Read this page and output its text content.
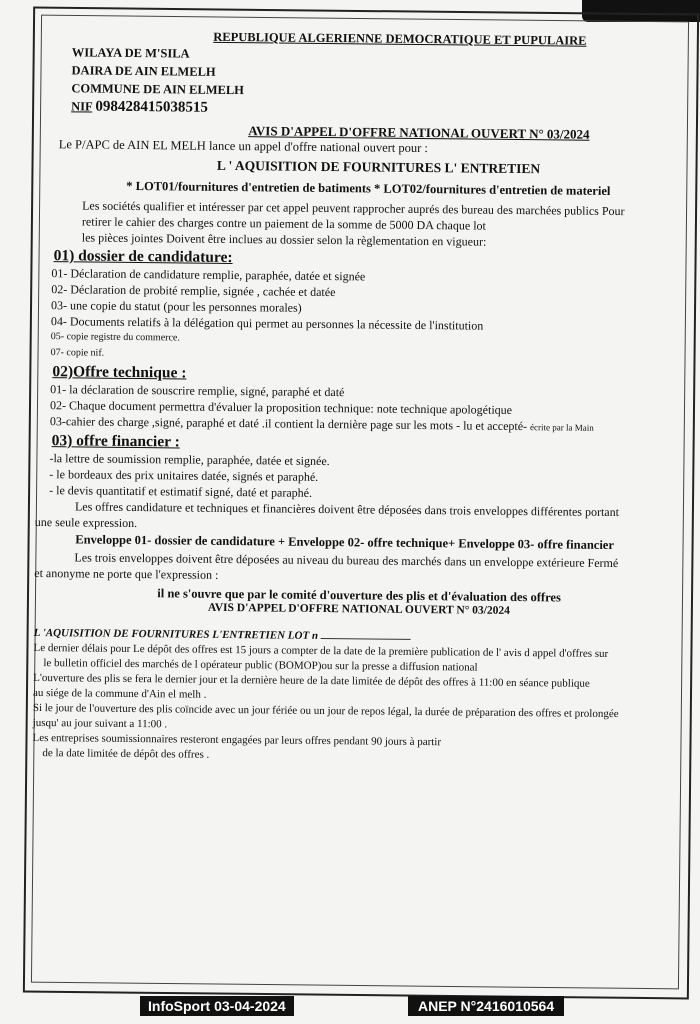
REPUBLIQUE ALGERIENNE DEMOCRATIQUE ET PUPULAIRE
WILAYA DE M'SILA
DAIRA DE AIN ELMELH
COMMUNE DE AIN ELMELH
NIF 098428415038515
AVIS D'APPEL D'OFFRE NATIONAL OUVERT N° 03/2024
Le P/APC de AIN EL MELH lance un appel d'offre national ouvert pour :
L ' AQUISITION DE FOURNITURES L' ENTRETIEN
* LOT01/fournitures d'entretien de batiments * LOT02/fournitures d'entretien de materiel
Les sociétés qualifier et intéresser par cet appel peuvent rapprocher auprés des bureau des marchées publics Pour
retirer le cahier des charges contre un paiement de la somme de 5000 DA chaque lot
les pièces jointes Doivent être inclues au dossier selon la règlementation en vigueur:
01) dossier de candidature:
01- Déclaration de candidature remplie, paraphée, datée et signée
02- Déclaration de probité remplie, signée , cachée et datée
03- une copie du statut (pour les personnes morales)
04- Documents relatifs à la délégation qui permet au personnes la nécessite de l'institution
05- copie registre du commerce.
07- copie nif.
02)Offre technique :
01- la déclaration de souscrire remplie, signé, paraphé et daté
02- Chaque document permettra d'évaluer la proposition technique: note technique apologétique
03-cahier des charge ,signé, paraphé et daté .il contient la dernière page sur les mots - lu et accepté- écrite par la Main
03) offre financier :
-la lettre de soumission remplie, paraphée, datée et signée.
- le bordeaux des prix unitaires datée, signés et paraphé.
- le devis quantitatif et estimatif signé, daté et paraphé.
Les offres candidature et techniques et financières doivent être déposées dans trois enveloppes différentes portant
une seule expression.
Enveloppe 01- dossier de candidature + Enveloppe 02- offre technique+ Enveloppe 03- offre financier
Les trois enveloppes doivent être déposées au niveau du bureau des marchés dans un enveloppe extérieure Fermé
et anonyme ne porte que l'expression :
il ne s'ouvre que par le comité d'ouverture des plis et d'évaluation des offres
AVIS D'APPEL D'OFFRE NATIONAL OUVERT N° 03/2024
L 'AQUISITION DE FOURNITURES L'ENTRETIEN LOT n
Le dernier délais pour Le dépôt des offres est 15 jours a compter de la date de la première publication de l' avis d appel d'offres sur
le bulletin officiel des marchés de l opérateur public (BOMOP)ou sur la presse a diffusion national
L'ouverture des plis se fera le dernier jour et la dernière heure de la date limitée de dépôt des offres à 11:00 en séance publique
au siége de la commune d'Ain el melh .
Si le jour de l'ouverture des plis coïncide avec un jour fériée ou un jour de repos légal, la durée de préparation des offres et prolongée
jusqu' au jour suivant a 11:00 .
Les entreprises soumissionnaires resteront engagées par leurs offres pendant 90 jours à partir
de la date limitée de dépôt des offres .
InfoSport 03-04-2024	ANEP N°2416010564
